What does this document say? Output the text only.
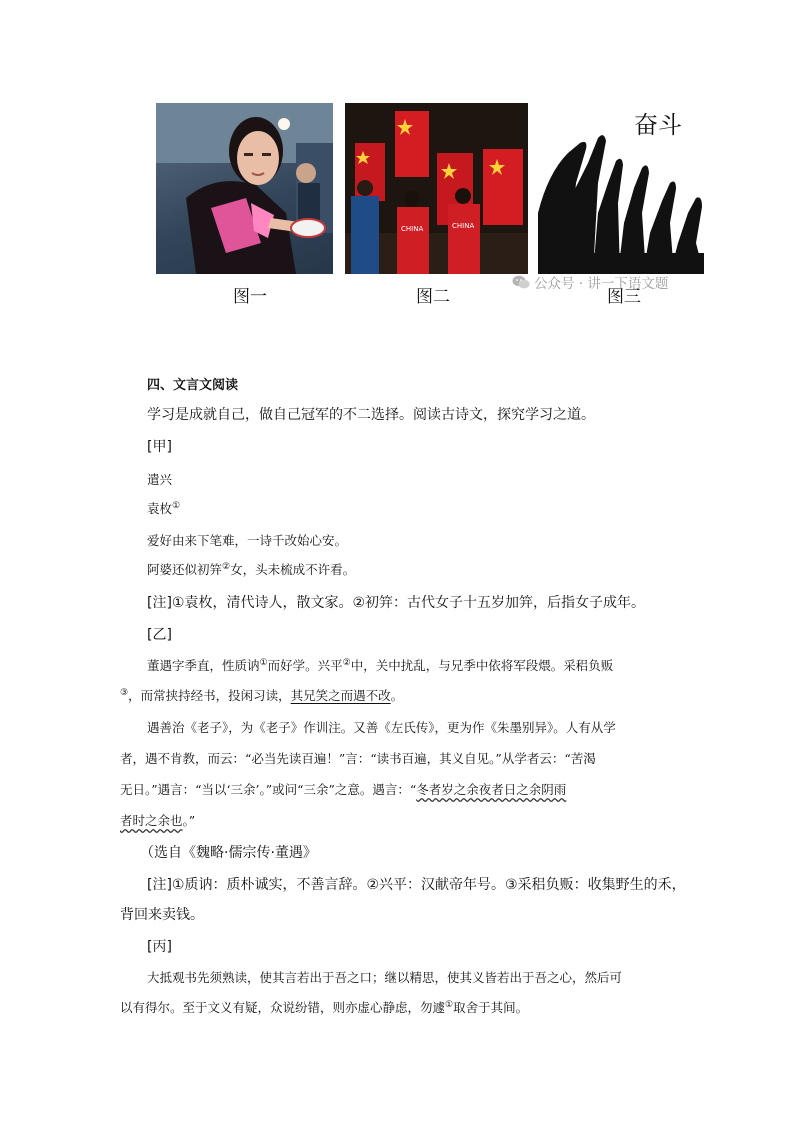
CHINA	CHINA
奋斗
图一	图二	图三
公众号 · 讲一下语文题
四、文言文阅读
学习是成就自己，做自己冠军的不二选择。阅读古诗文，探究学习之道。
[甲]
遣兴
袁枚①
爱好由来下笔难，一诗千改始心安。
阿婆还似初笄②女，头未梳成不许看。
[注]①袁枚，清代诗人，散文家。②初笄：古代女子十五岁加笄，后指女子成年。
[乙]
董遇字季直，性质讷①而好学。兴平②中，关中扰乱，与兄季中依将军段煨。采稆负贩
③，而常挟持经书，投闲习读，其兄笑之而遇不改。
遇善治《老子》，为《老子》作训注。又善《左氏传》，更为作《朱墨别异》。人有从学
者，遇不肯教，而云：“必当先读百遍！”言：“读书百遍，其义自见。”从学者云：“苦渴
无日。”遇言：“当以‘三余’。”或问“三余”之意。遇言：“冬者岁之余夜者日之余阴雨
者时之余也。”
（选自《魏略·儒宗传·董遇》
[注]①质讷：质朴诚实，不善言辞。②兴平：汉献帝年号。③采稆负贩：收集野生的禾，
背回来卖钱。
[丙]
大抵观书先须熟读，使其言若出于吾之口；继以精思，使其义皆若出于吾之心，然后可
以有得尔。至于文义有疑，众说纷错，则亦虚心静虑，勿遽①取舍于其间。
